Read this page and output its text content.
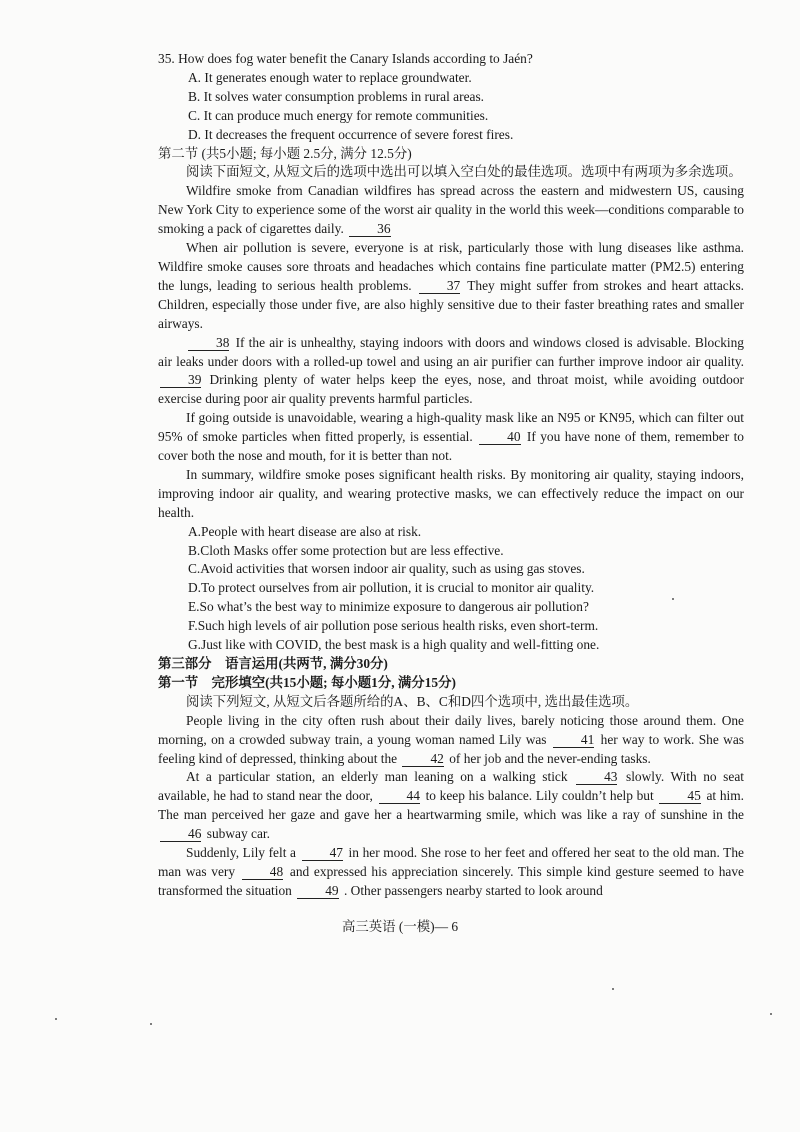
35. How does fog water benefit the Canary Islands according to Jaén?
A. It generates enough water to replace groundwater.
B. It solves water consumption problems in rural areas.
C. It can produce much energy for remote communities.
D. It decreases the frequent occurrence of severe forest fires.
第二节 (共5小题; 每小题 2.5分, 满分 12.5分)

阅读下面短文, 从短文后的选项中选出可以填入空白处的最佳选项。选项中有两项为多余选项。

Wildfire smoke from Canadian wildfires has spread across the eastern and midwestern US, causing New York City to experience some of the worst air quality in the world this week—conditions comparable to smoking a pack of cigarettes daily. 36

When air pollution is severe, everyone is at risk, particularly those with lung diseases like asthma. Wildfire smoke causes sore throats and headaches which contains fine particulate matter (PM2.5) entering the lungs, leading to serious health problems. 37 They might suffer from strokes and heart attacks. Children, especially those under five, are also highly sensitive due to their faster breathing rates and smaller airways.

38 If the air is unhealthy, staying indoors with doors and windows closed is advisable. Blocking air leaks under doors with a rolled-up towel and using an air purifier can further improve indoor air quality. 39 Drinking plenty of water helps keep the eyes, nose, and throat moist, while avoiding outdoor exercise during poor air quality prevents harmful particles.

If going outside is unavoidable, wearing a high-quality mask like an N95 or KN95, which can filter out 95% of smoke particles when fitted properly, is essential. 40 If you have none of them, remember to cover both the nose and mouth, for it is better than not.

In summary, wildfire smoke poses significant health risks. By monitoring air quality, staying indoors, improving indoor air quality, and wearing protective masks, we can effectively reduce the impact on our health.

A.People with heart disease are also at risk.
B.Cloth Masks offer some protection but are less effective.
C.Avoid activities that worsen indoor air quality, such as using gas stoves.
D.To protect ourselves from air pollution, it is crucial to monitor air quality.
E.So what’s the best way to minimize exposure to dangerous air pollution?
F.Such high levels of air pollution pose serious health risks, even short-term.
G.Just like with COVID, the best mask is a high quality and well-fitting one.
第三部分　语言运用(共两节, 满分30分)
第一节　完形填空(共15小题; 每小题1分, 满分15分)

阅读下列短文, 从短文后各题所给的A、B、C和D四个选项中, 选出最佳选项。

People living in the city often rush about their daily lives, barely noticing those around them. One morning, on a crowded subway train, a young woman named Lily was 41 her way to work. She was feeling kind of depressed, thinking about the 42 of her job and the never-ending tasks.

At a particular station, an elderly man leaning on a walking stick 43 slowly. With no seat available, he had to stand near the door, 44 to keep his balance. Lily couldn’t help but 45 at him. The man perceived her gaze and gave her a heartwarming smile, which was like a ray of sunshine in the 46 subway car.

Suddenly, Lily felt a 47 in her mood. She rose to her feet and offered her seat to the old man. The man was very 48 and expressed his appreciation sincerely. This simple kind gesture seemed to have transformed the situation 49 . Other passengers nearby started to look around

高三英语 (一模)— 6
